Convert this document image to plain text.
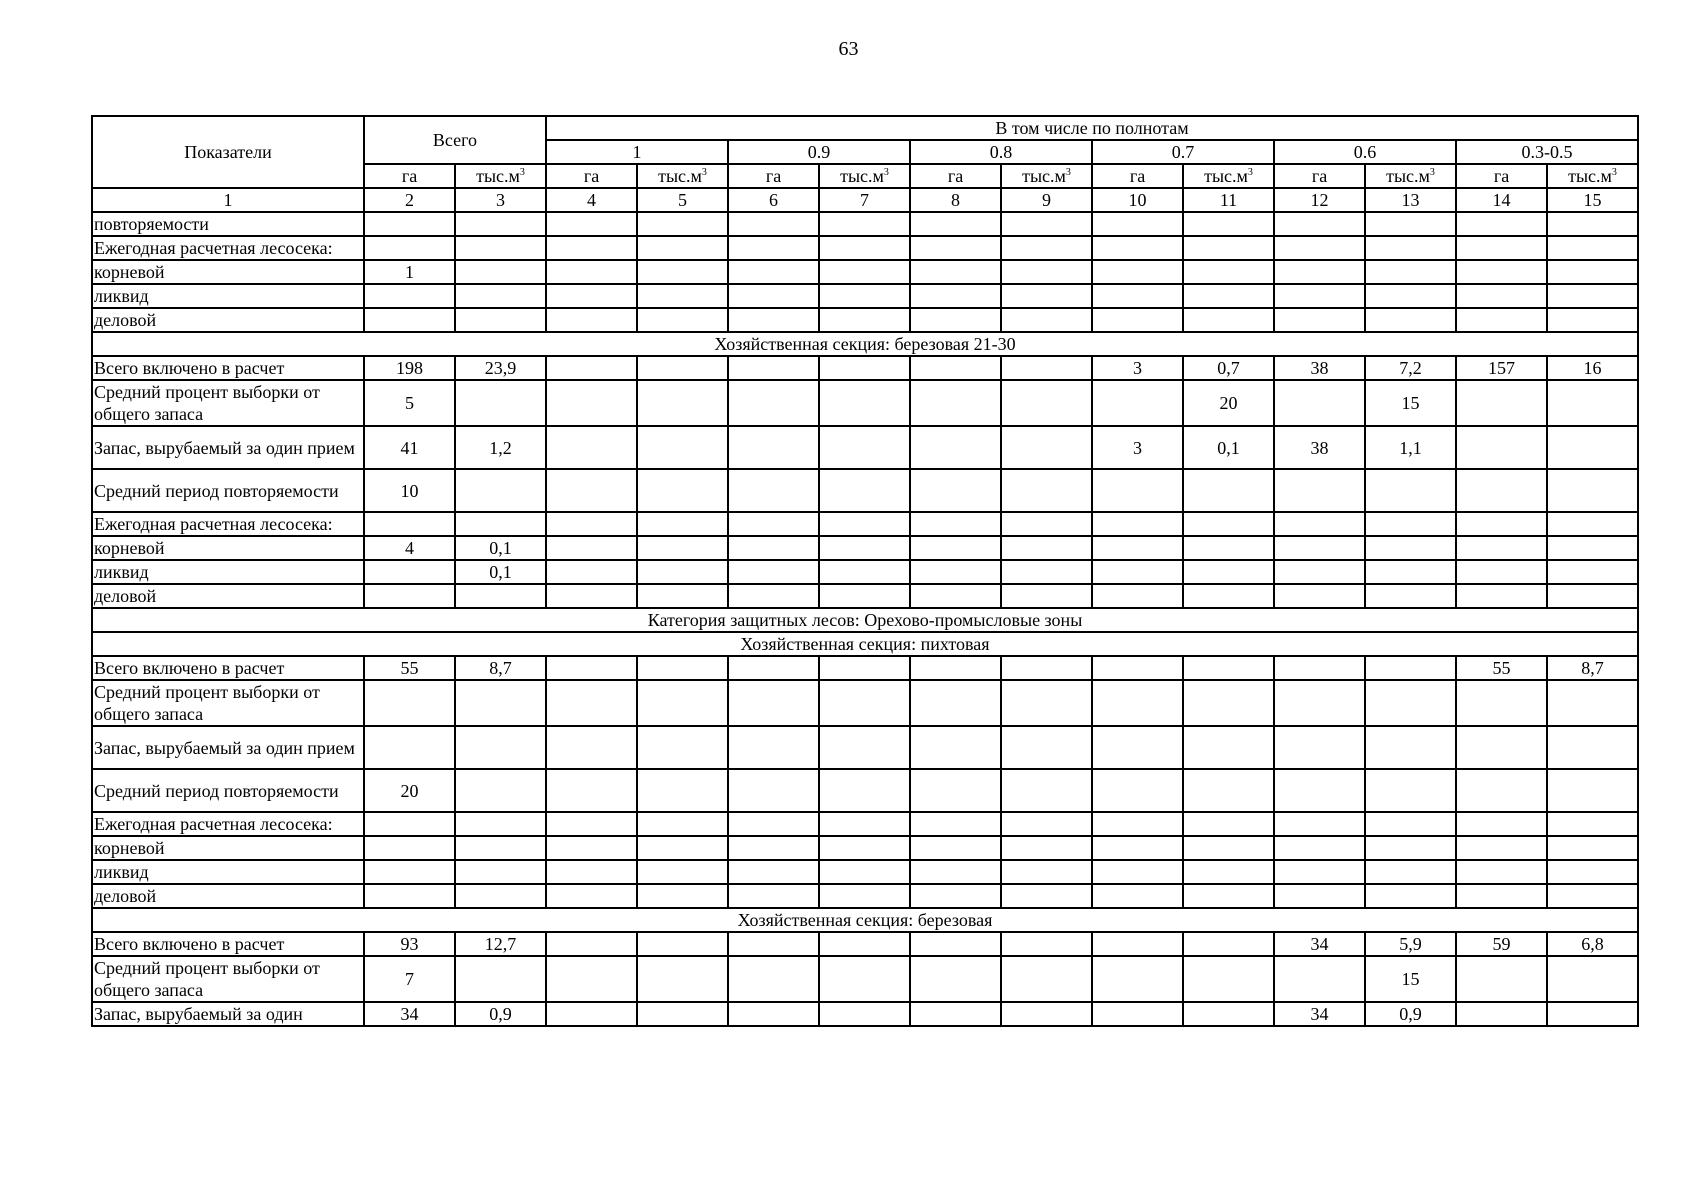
63
Показатели	Всего		В том числе по полнотам											
			1		0.9		0.8		0.7		0.6		0.3-0.5	
	га	$тыс.м^3$	га	$тыс.м^3$	га	$тыс.м^3$	га	$тыс.м^3$	га	$тыс.м^3$	га	$тыс.м^3$	га	$тыс.м^3$
1	2	3	4	5	6	7	8	9	10	11	12	13	14	15
повторяемости														
Ежегодная расчетная лесосека:														
корневой	1													
ликвид														
деловой														
Хозяйственная секция: березовая 21-30														
Всего включено в расчет	198	23,9							3	0,7	38	7,2	157	16
Средний процент выборки от общего запаса	5									20		15		
Запас, вырубаемый за один прием	41	1,2							3	0,1	38	1,1		
Средний период повторяемости	10													
Ежегодная расчетная лесосека:														
корневой	4	0,1												
ликвид		0,1												
деловой														
Категория защитных лесов: Орехово-промысловые зоны														
Хозяйственная секция: пихтовая														
Всего включено в расчет	55	8,7											55	8,7
Средний процент выборки от общего запаса														
Запас, вырубаемый за один прием														
Средний период повторяемости	20													
Ежегодная расчетная лесосека:														
корневой														
ликвид														
деловой														
Хозяйственная секция: березовая														
Всего включено в расчет	93	12,7									34	5,9	59	6,8
Средний процент выборки от общего запаса	7											15		
Запас, вырубаемый за один	34	0,9									34	0,9		
